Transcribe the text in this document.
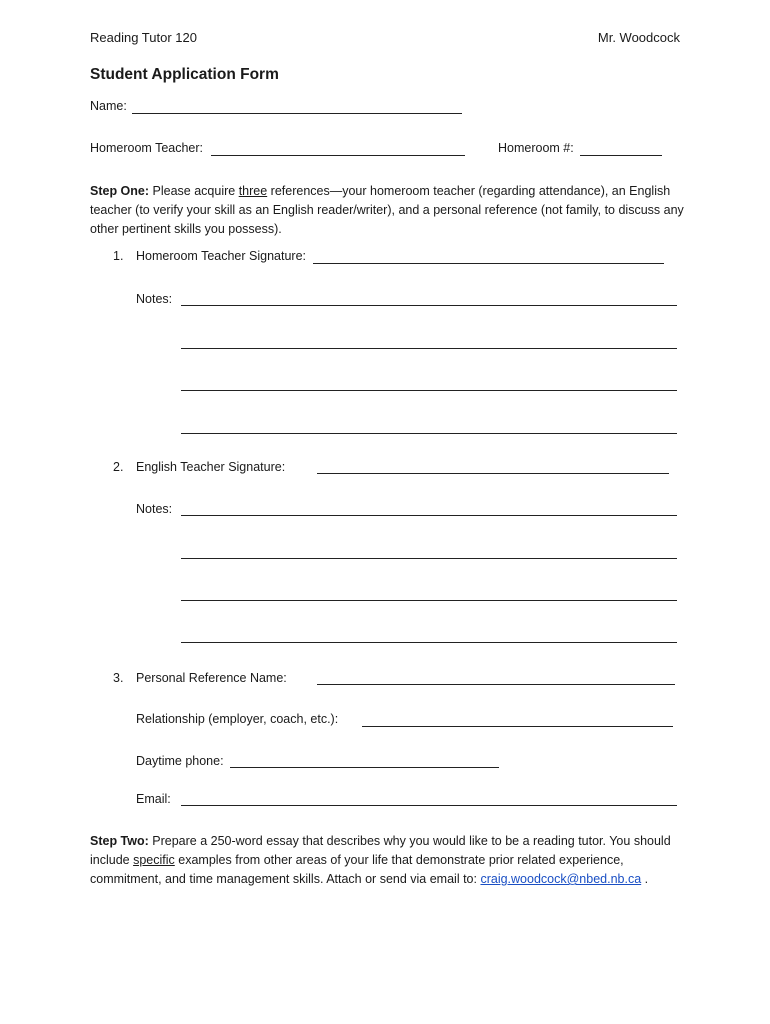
Reading Tutor 120	Mr. Woodcock
Student Application Form
Name:
Homeroom Teacher:	Homeroom #:
Step One: Please acquire three references—your homeroom teacher (regarding attendance), an English teacher (to verify your skill as an English reader/writer), and a personal reference (not family, to discuss any other pertinent skills you possess).
1. Homeroom Teacher Signature:
Notes:
2. English Teacher Signature:
Notes:
3. Personal Reference Name:
Relationship (employer, coach, etc.):
Daytime phone:
Email:
Step Two: Prepare a 250-word essay that describes why you would like to be a reading tutor. You should include specific examples from other areas of your life that demonstrate prior related experience, commitment, and time management skills. Attach or send via email to: craig.woodcock@nbed.nb.ca .
